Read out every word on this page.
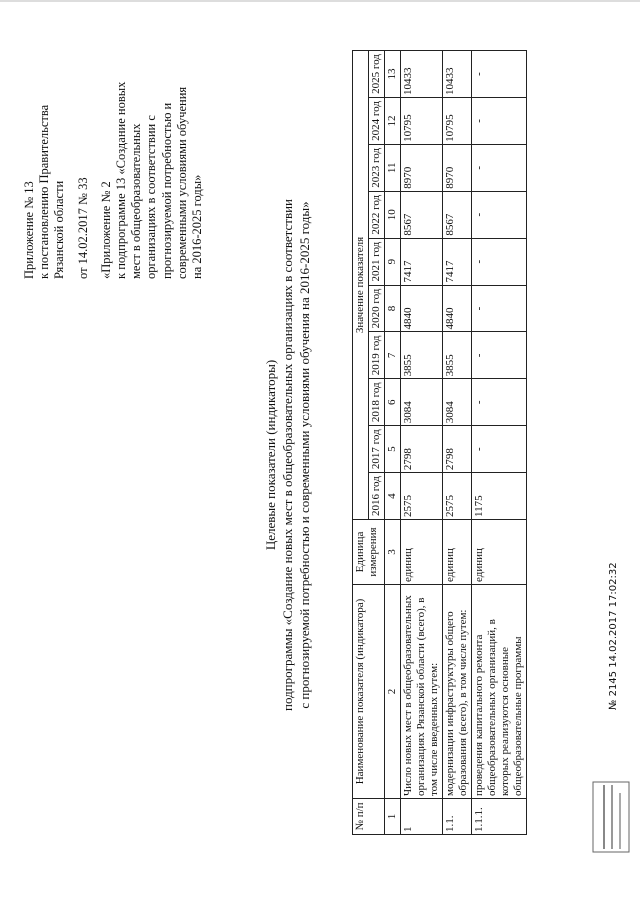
Приложение № 13 к постановлению Правительства Рязанской области от 14.02.2017 № 33 «Приложение № 2 к подпрограмме 13 «Создание новых мест в общеобразовательных организациях в соответствии с прогнозируемой потребностью и современными условиями обучения на 2016-2025 годы»
Целевые показатели (индикаторы) подпрограммы «Создание новых мест в общеобразовательных организациях в соответствии с прогнозируемой потребностью и современными условиями обучения на 2016-2025 годы»
№ п/п	Наименование показателя (индикатора)	Единица измерения	Значение показателя									
			2016 год	2017 год	2018 год	2019 год	2020 год	2021 год	2022 год	2023 год	2024 год	2025 год
1	2	3	4	5	6	7	8	9	10	11	12	13
1	Число новых мест в общеобразовательных организациях Рязанской области (всего), в том числе введенных путем:	единиц	2575	2798	3084	3855	4840	7417	8567	8970	10795	10433
1.1.	модернизации инфраструктуры общего образования (всего), в том числе путем:	единиц	2575	2798	3084	3855	4840	7417	8567	8970	10795	10433
1.1.1.	проведения капитального ремонта общеобразовательных организаций, в которых реализуются основные общеобразовательные программы	единиц	1175	-	-	-	-	-	-	-	-	-
№ 2145 14.02.2017 17:02:32
